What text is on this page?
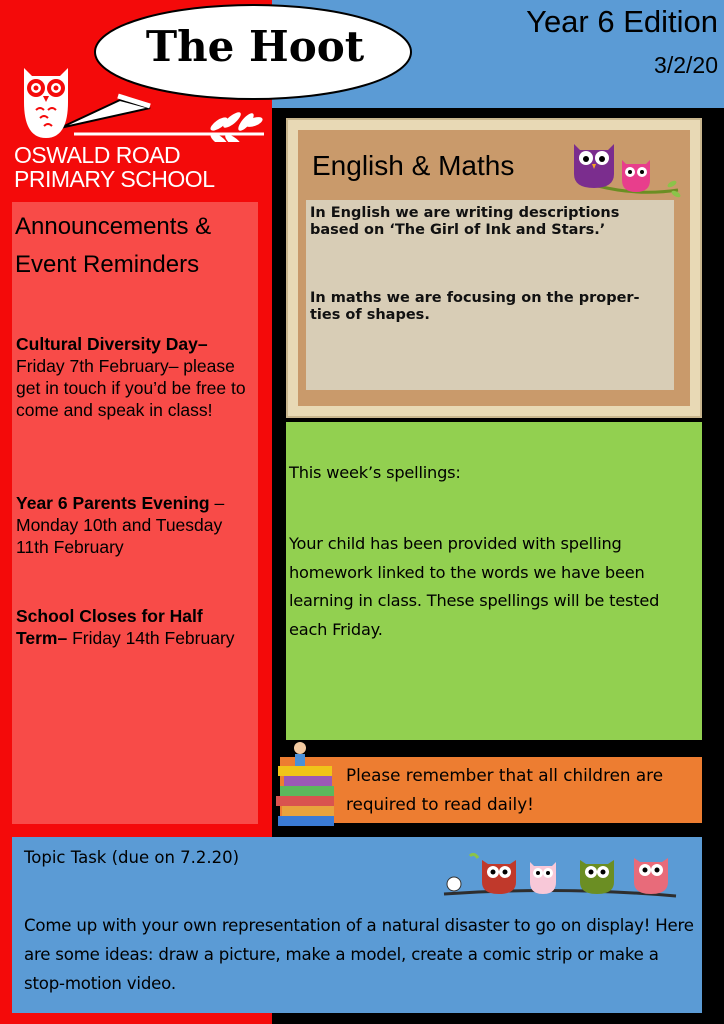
The Hoot
Year 6 Edition
3/2/20
OSWALD ROAD
PRIMARY SCHOOL
Announcements & Event Reminders
Cultural Diversity Day– Friday 7th February– please get in touch if you’d be free to come and speak in class!
Year 6 Parents Evening – Monday 10th and Tuesday 11th February
School Closes for Half Term– Friday 14th February
English & Maths
In English we are writing descriptions based on ‘The Girl of Ink and Stars.’
In maths we are focusing on the proper- ties of shapes.
This week’s spellings:
Your child has been provided with spelling homework linked to the words we have been learning in class. These spellings will be tested each Friday.
Please remember that all children are required to read daily!
Topic Task (due on 7.2.20)
Come up with your own representation of a natural disaster to go on display! Here are some ideas: draw a picture, make a model, create a comic strip or make a stop-motion video.
